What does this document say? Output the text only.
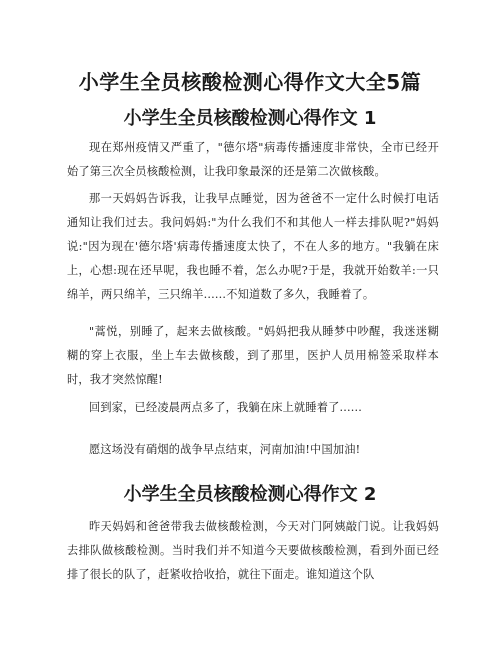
小学生全员核酸检测心得作文大全5篇
小学生全员核酸检测心得作文 1

现在郑州疫情又严重了，"德尔塔"病毒传播速度非常快，全市已经开始了第三次全员核酸检测，让我印象最深的还是第二次做核酸。

那一天妈妈告诉我，让我早点睡觉，因为爸爸不一定什么时候打电话通知让我们过去。我问妈妈:"为什么我们不和其他人一样去排队呢?"妈妈说:"因为现在'德尔塔'病毒传播速度太快了，不在人多的地方。"我躺在床上，心想:现在还早呢，我也睡不着，怎么办呢?于是，我就开始数羊:一只绵羊，两只绵羊，三只绵羊......不知道数了多久，我睡着了。

"蒿悦，别睡了，起来去做核酸。"妈妈把我从睡梦中吵醒，我迷迷糊糊的穿上衣服，坐上车去做核酸，到了那里，医护人员用棉签采取样本时，我才突然惊醒!

回到家，已经凌晨两点多了，我躺在床上就睡着了......

愿这场没有硝烟的战争早点结束，河南加油!中国加油!

小学生全员核酸检测心得作文 2

昨天妈妈和爸爸带我去做核酸检测，今天对门阿姨敲门说。让我妈妈去排队做核酸检测。当时我们并不知道今天要做核酸检测，看到外面已经排了很长的队了，赶紧收拾收拾，就往下面走。谁知道这个队
